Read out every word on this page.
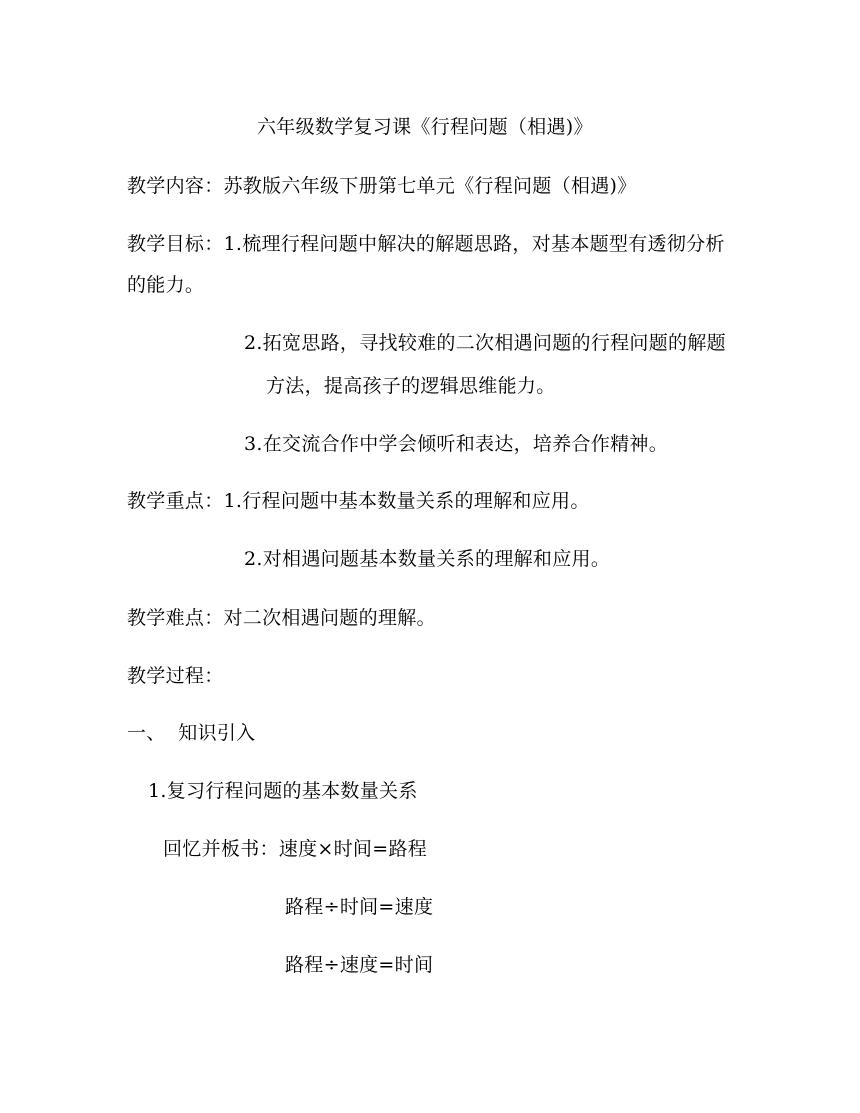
六年级数学复习课《行程问题（相遇)》
教学内容：苏教版六年级下册第七单元《行程问题（相遇)》
教学目标：1.梳理行程问题中解决的解题思路，对基本题型有透彻分析
的能力。
2.拓宽思路，寻找较难的二次相遇问题的行程问题的解题
方法，提高孩子的逻辑思维能力。
3.在交流合作中学会倾听和表达，培养合作精神。
教学重点：1.行程问题中基本数量关系的理解和应用。
2.对相遇问题基本数量关系的理解和应用。
教学难点：对二次相遇问题的理解。
教学过程：
一、  知识引入
1.复习行程问题的基本数量关系
回忆并板书：速度×时间=路程
路程÷时间=速度
路程÷速度=时间
